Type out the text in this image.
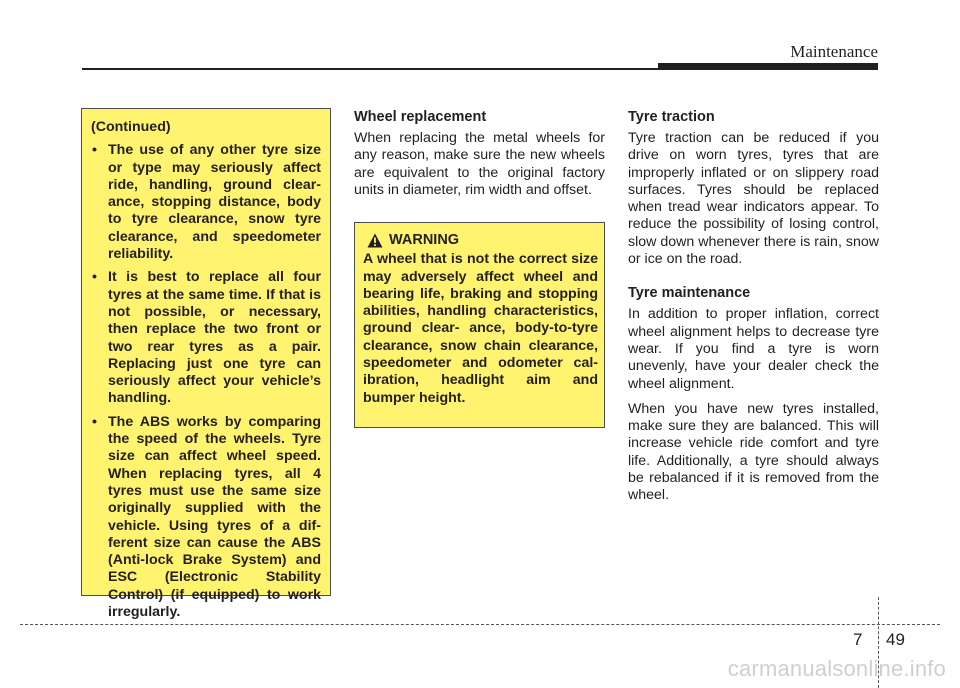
Maintenance
(Continued)
• The use of any other tyre size or type may seriously affect ride, handling, ground clear- ance, stopping distance, body to tyre clearance, snow tyre clearance, and speedometer reliability.
• It is best to replace all four tyres at the same time. If that is not possible, or necessary, then replace the two front or two rear tyres as a pair. Replacing just one tyre can seriously affect your vehicle’s handling.
• The ABS works by comparing the speed of the wheels. Tyre size can affect wheel speed. When replacing tyres, all 4 tyres must use the same size originally supplied with the vehicle. Using tyres of a dif- ferent size can cause the ABS (Anti-lock Brake System) and ESC (Electronic Stability Control) (if equipped) to work irregularly.
Wheel replacement

When replacing the metal wheels for any reason, make sure the new wheels are equivalent to the original factory units in diameter, rim width and offset.

WARNING
A wheel that is not the correct size may adversely affect wheel and bearing life, braking and stopping abilities, handling characteristics, ground clear- ance, body-to-tyre clearance, snow chain clearance, speedometer and odometer cal- ibration, headlight aim and bumper height.
Tyre traction

Tyre traction can be reduced if you drive on worn tyres, tyres that are improperly inflated or on slippery road surfaces. Tyres should be replaced when tread wear indicators appear. To reduce the possibility of losing control, slow down whenever there is rain, snow or ice on the road.

Tyre maintenance

In addition to proper inflation, correct wheel alignment helps to decrease tyre wear. If you find a tyre is worn unevenly, have your dealer check the wheel alignment.

When you have new tyres installed, make sure they are balanced. This will increase vehicle ride comfort and tyre life. Additionally, a tyre should always be rebalanced if it is removed from the wheel.

7 49
carmanualsonline.info
